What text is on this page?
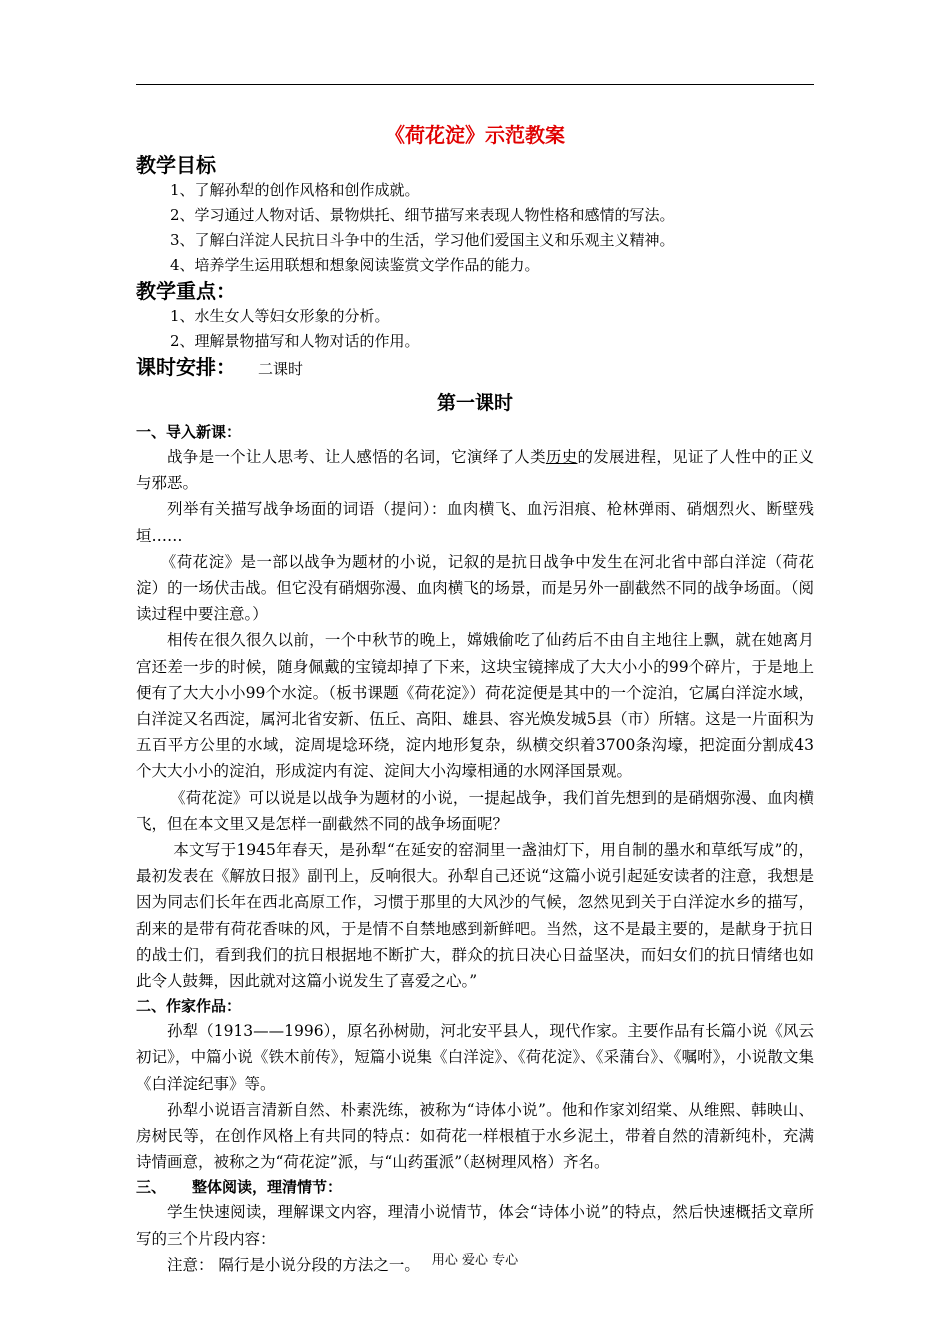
《荷花淀》示范教案
教学目标
1、了解孙犁的创作风格和创作成就。
2、学习通过人物对话、景物烘托、细节描写来表现人物性格和感情的写法。
3、了解白洋淀人民抗日斗争中的生活，学习他们爱国主义和乐观主义精神。
4、培养学生运用联想和想象阅读鉴赏文学作品的能力。
教学重点：
1、水生女人等妇女形象的分析。
2、理解景物描写和人物对话的作用。
课时安排： 二课时
第一课时
一、导入新课：

战争是一个让人思考、让人感悟的名词，它演绎了人类历史的发展进程，见证了人性中的正义与邪恶。

列举有关描写战争场面的词语（提问）：血肉横飞、血污泪痕、枪林弹雨、硝烟烈火、断壁残垣……

《荷花淀》是一部以战争为题材的小说，记叙的是抗日战争中发生在河北省中部白洋淀（荷花淀）的一场伏击战。但它没有硝烟弥漫、血肉横飞的场景，而是另外一副截然不同的战争场面。（阅读过程中要注意。）

相传在很久很久以前，一个中秋节的晚上，嫦娥偷吃了仙药后不由自主地往上飘，就在她离月宫还差一步的时候，随身佩戴的宝镜却掉了下来，这块宝镜摔成了大大小小的99个碎片，于是地上便有了大大小小99个水淀。（板书课题《荷花淀》）荷花淀便是其中的一个淀泊，它属白洋淀水域，白洋淀又名西淀，属河北省安新、伍丘、高阳、雄县、容光焕发城5县（市）所辖。这是一片面积为五百平方公里的水域，淀周堤埝环绕，淀内地形复杂，纵横交织着3700条沟壕，把淀面分割成43个大大小小的淀泊，形成淀内有淀、淀间大小沟壕相通的水网泽国景观。

《荷花淀》可以说是以战争为题材的小说，一提起战争，我们首先想到的是硝烟弥漫、血肉横飞，但在本文里又是怎样一副截然不同的战争场面呢？

本文写于1945年春天，是孙犁“在延安的窑洞里一盏油灯下，用自制的墨水和草纸写成”的，最初发表在《解放日报》副刊上，反响很大。孙犁自己还说“这篇小说引起延安读者的注意，我想是因为同志们长年在西北高原工作，习惯于那里的大风沙的气候，忽然见到关于白洋淀水乡的描写，刮来的是带有荷花香味的风，于是情不自禁地感到新鲜吧。当然，这不是最主要的，是献身于抗日的战士们，看到我们的抗日根据地不断扩大，群众的抗日决心日益坚决，而妇女们的抗日情绪也如此令人鼓舞，因此就对这篇小说发生了喜爱之心。”

二、作家作品：

孙犁（1913——1996），原名孙树勋，河北安平县人，现代作家。主要作品有长篇小说《风云初记》，中篇小说《铁木前传》，短篇小说集《白洋淀》、《荷花淀》、《采蒲台》、《嘱咐》，小说散文集《白洋淀纪事》等。

孙犁小说语言清新自然、朴素洗练，被称为“诗体小说”。他和作家刘绍棠、从维熙、韩映山、房树民等，在创作风格上有共同的特点：如荷花一样根植于水乡泥土，带着自然的清新纯朴，充满诗情画意，被称之为“荷花淀”派，与“山药蛋派”（赵树理风格）齐名。

三、 整体阅读，理清情节：

学生快速阅读，理解课文内容，理清小说情节，体会“诗体小说”的特点，然后快速概括文章所写的三个片段内容：

注意： 隔行是小说分段的方法之一。 用心 爱心 专心
